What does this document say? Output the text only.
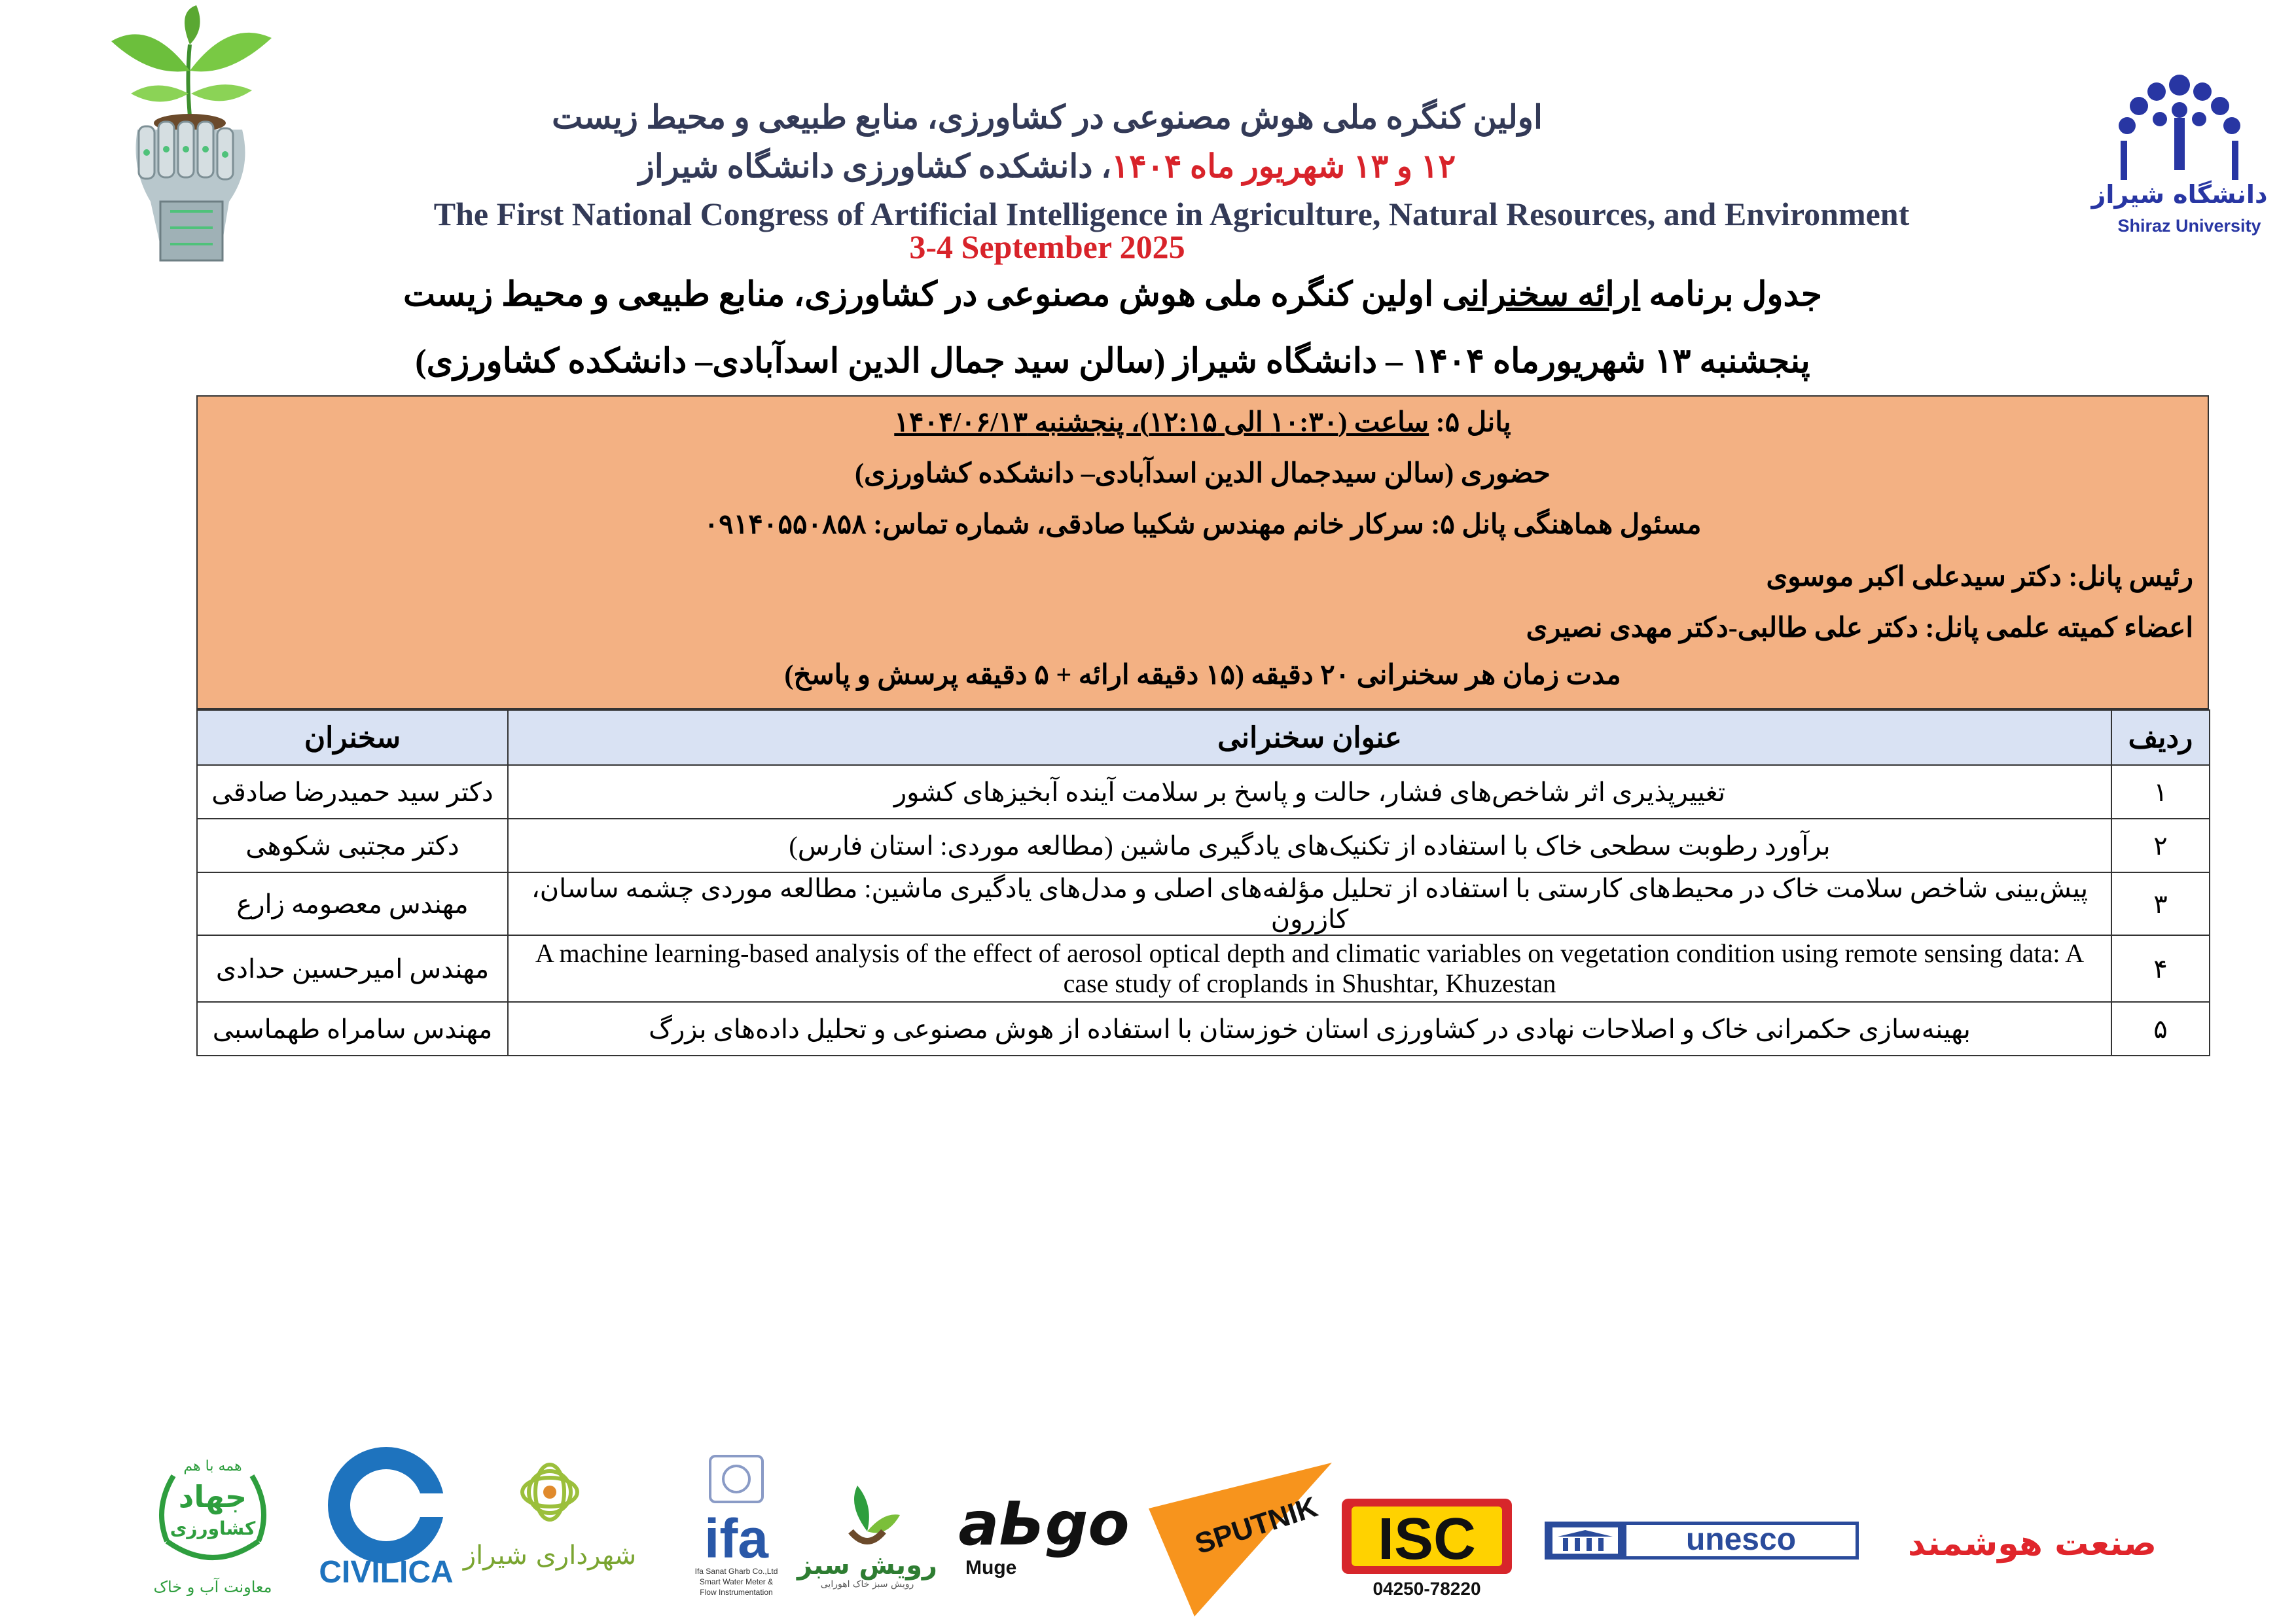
اولین کنگره ملی هوش مصنوعی در کشاورزی، منابع طبیعی و محیط زیست
۱۲ و ۱۳ شهریور ماه ۱۴۰۴، دانشکده کشاورزی دانشگاه شیراز
The First National Congress of Artificial Intelligence in Agriculture, Natural Resources, and Environment
3-4 September 2025
جدول برنامه ارائه سخنرانی اولین کنگره ملی هوش مصنوعی در کشاورزی، منابع طبیعی و محیط زیست
پنجشنبه ۱۳ شهریورماه ۱۴۰۴ – دانشگاه شیراز (سالن سید جمال الدین اسدآبادی– دانشکده کشاورزی)
دانشگاه شیراز
Shiraz University
پانل ۵: ساعت (۱۰:۳۰ الی ۱۲:۱۵)، پنجشنبه ۱۴۰۴/۰۶/۱۳
حضوری (سالن سیدجمال الدین اسدآبادی– دانشکده کشاورزی)
مسئول هماهنگی پانل ۵: سرکار خانم مهندس شکیبا صادقی، شماره تماس: ۰۹۱۴۰۵۵۰۸۵۸
رئیس پانل: دکتر سیدعلی اکبر موسوی
اعضاء کمیته علمی پانل: دکتر علی طالبی-دکتر مهدی نصیری
مدت زمان هر سخنرانی ۲۰ دقیقه (۱۵ دقیقه ارائه + ۵ دقیقه پرسش و پاسخ)
ردیف	عنوان سخنرانی	سخنران
۱	تغییرپذیری اثر شاخص‌های فشار، حالت و پاسخ بر سلامت آینده آبخیزهای کشور	دکتر سید حمیدرضا صادقی
۲	برآورد رطوبت سطحی خاک با استفاده از تکنیک‌های یادگیری ماشین (مطالعه موردی: استان فارس)	دکتر مجتبی شکوهی
۳	پیش‌بینی شاخص سلامت خاک در محیط‌های کارستی با استفاده از تحلیل مؤلفه‌های اصلی و مدل‌های یادگیری ماشین: مطالعه موردی چشمه ساسان، کازرون	مهندس معصومه زارع
۴	A machine learning-based analysis of the effect of aerosol optical depth and climatic variables on vegetation condition using remote sensing data: A case study of croplands in Shushtar, Khuzestan	مهندس امیرحسین حدادی
۵	بهینه‌سازی حکمرانی خاک و اصلاحات نهادی در کشاورزی استان خوزستان با استفاده از هوش مصنوعی و تحلیل داده‌های بزرگ	مهندس سامراه طهماسبی
همه با هم
جهاد
کشاورزی
معاونت آب و خاک CIVILICA شهرداری شیراز ifa
Ifa Sanat Gharb Co.,Ltd
Smart Water Meter &
Flow Instrumentation
رویش سبز
رویش سبز خاک اهورایی
aЬgo
Muge
SPUTNIK ISC
04250-78220
unesco	صنعت هوشمند
